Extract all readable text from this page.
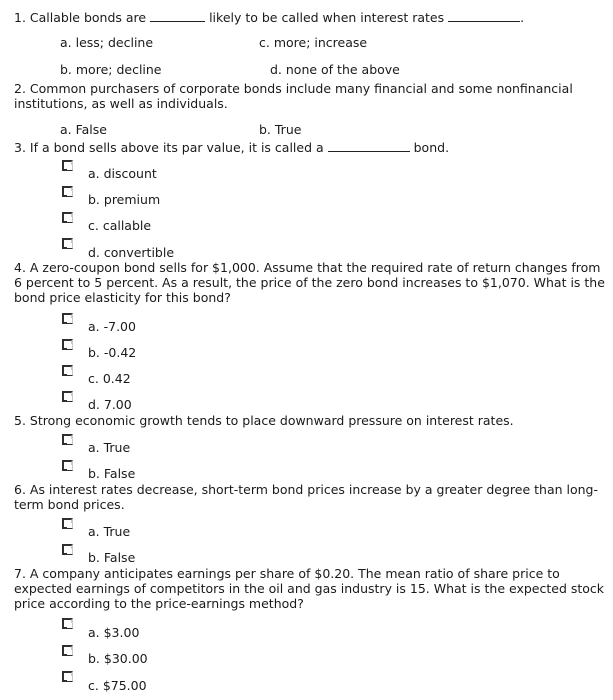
1. Callable bonds are	likely to be called when interest rates	.
a. less; decline	c. more; increase
b. more; decline	d. none of the above
2. Common purchasers of corporate bonds include many financial and some nonfinancial institutions, as well as individuals.
a. False	b. True
3. If a bond sells above its par value, it is called a	bond.
a. discount
b. premium
c. callable
d. convertible
4. A zero-coupon bond sells for $1,000. Assume that the required rate of return changes from 6 percent to 5 percent. As a result, the price of the zero bond increases to $1,070. What is the bond price elasticity for this bond?
a. -7.00
b. -0.42
c. 0.42
d. 7.00
5. Strong economic growth tends to place downward pressure on interest rates.
a. True
b. False
6. As interest rates decrease, short-term bond prices increase by a greater degree than long-term bond prices.
a. True
b. False
7. A company anticipates earnings per share of $0.20. The mean ratio of share price to expected earnings of competitors in the oil and gas industry is 15. What is the expected stock price according to the price-earnings method?
a. $3.00
b. $30.00
c. $75.00
